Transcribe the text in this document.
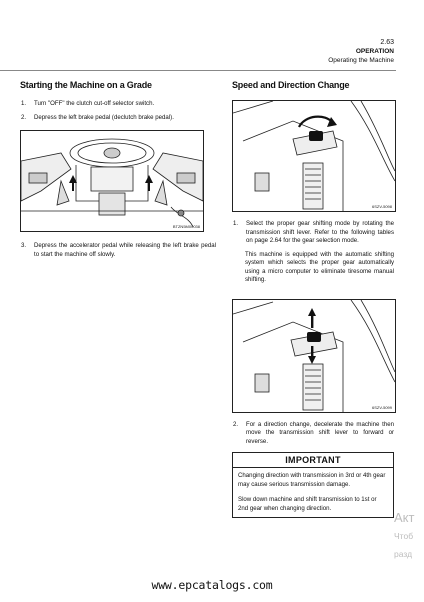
2.63
OPERATION
Operating the Machine
Starting the Machine on a Grade
1.	Turn "OFF" the clutch cut-off selector switch.
2.	Depress the left brake pedal (declutch brake pedal).
BTZN5M00038
3.	Depress the accelerator pedal while releasing the left brake pedal to start the machine off slowly.
Speed and Direction Change
6SZV-5098
1.	Select the proper gear shifting mode by rotating the transmission shift lever. Refer to the following tables on page 2.64 for the gear selection mode.

This machine is equipped with the automatic shifting system which selects the proper gear automatically using a micro computer to eliminate tiresome manual shifting.

6SZV-5099
2.	For a direction change, decelerate the machine then move the transmission shift lever to forward or reverse.
IMPORTANT

Changing direction with transmission in 3rd or 4th gear may cause serious transmission damage.

Slow down machine and shift transmission to 1st or 2nd gear when changing direction.

Акт
Чтоб
разд
www.epcatalogs.com
